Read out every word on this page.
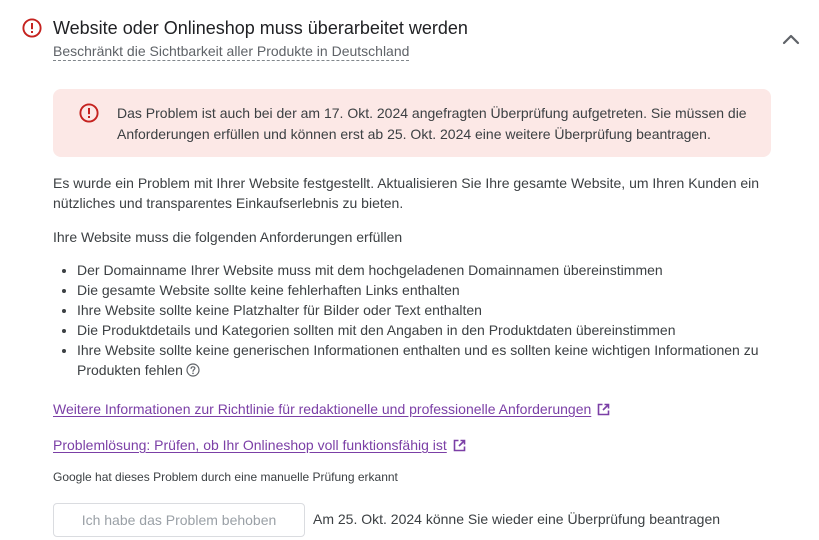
Website oder Onlineshop muss überarbeitet werden
Beschränkt die Sichtbarkeit aller Produkte in Deutschland
Das Problem ist auch bei der am 17. Okt. 2024 angefragten Überprüfung aufgetreten. Sie müssen die Anforderungen erfüllen und können erst ab 25. Okt. 2024 eine weitere Überprüfung beantragen.
Es wurde ein Problem mit Ihrer Website festgestellt. Aktualisieren Sie Ihre gesamte Website, um Ihren Kunden ein nützliches und transparentes Einkaufserlebnis zu bieten.
Ihre Website muss die folgenden Anforderungen erfüllen
• Der Domainname Ihrer Website muss mit dem hochgeladenen Domainnamen übereinstimmen
• Die gesamte Website sollte keine fehlerhaften Links enthalten
• Ihre Website sollte keine Platzhalter für Bilder oder Text enthalten
• Die Produktdetails und Kategorien sollten mit den Angaben in den Produktdaten übereinstimmen
• Ihre Website sollte keine generischen Informationen enthalten und es sollten keine wichtigen Informationen zu Produkten fehlen
Weitere Informationen zur Richtlinie für redaktionelle und professionelle Anforderungen
Problemlösung: Prüfen, ob Ihr Onlineshop voll funktionsfähig ist
Google hat dieses Problem durch eine manuelle Prüfung erkannt
Ich habe das Problem behoben	Am 25. Okt. 2024 könne Sie wieder eine Überprüfung beantragen
